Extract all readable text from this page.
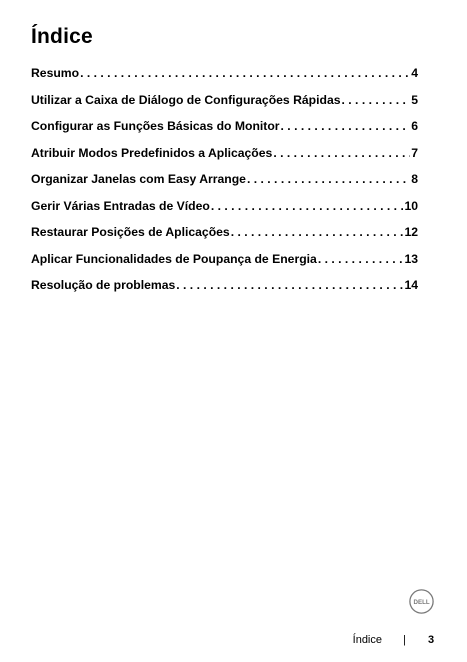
Índice
Resumo . . .	4
Utilizar a Caixa de Diálogo de Configurações Rápidas . . .	5
Configurar as Funções Básicas do Monitor . . .	6
Atribuir Modos Predefinidos a Aplicações . . .	7
Organizar Janelas com Easy Arrange . . .	8
Gerir Várias Entradas de Vídeo . . .	10
Restaurar Posições de Aplicações . . .	12
Aplicar Funcionalidades de Poupança de Energia . . .	13
Resolução de problemas . . .	14
DELL
Índice | 3
